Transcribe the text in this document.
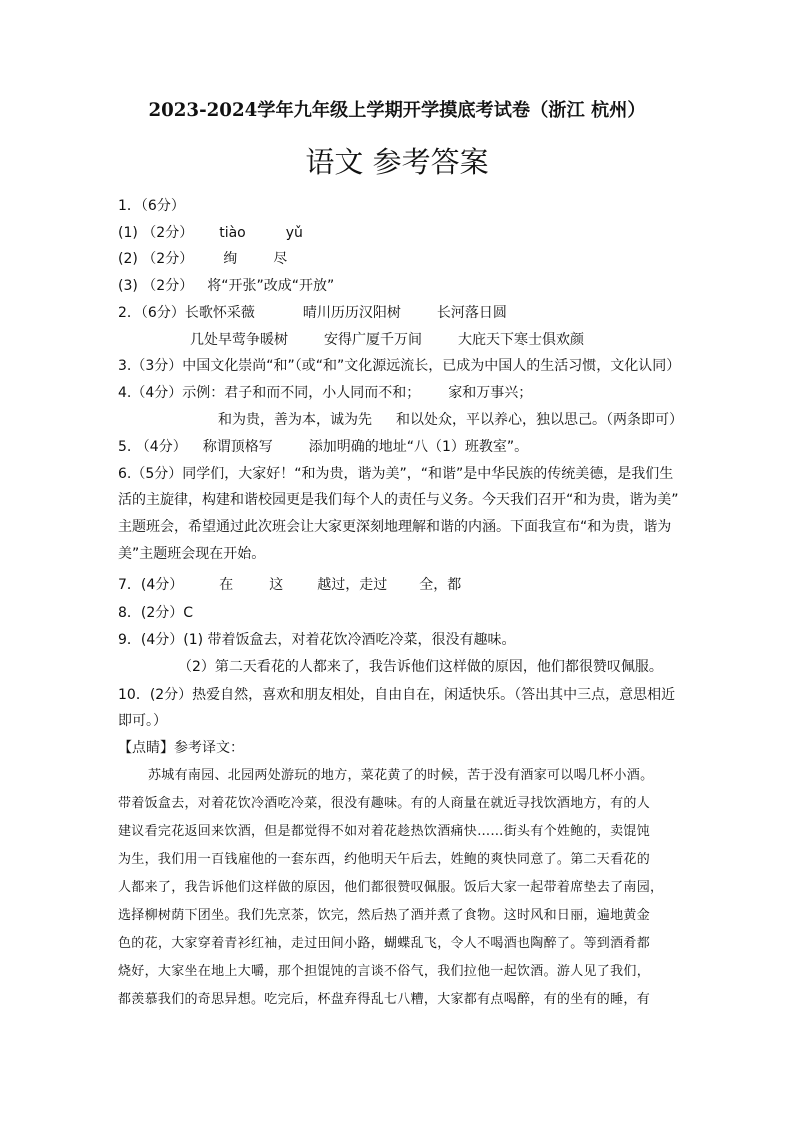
2023-2024学年九年级上学期开学摸底考试卷（浙江 杭州）
语文 参考答案
1．（6分）
(1) （2分） tiào	yǔ
(2) （2分） 绚	尽
(3) （2分） 将“开张”改成“开放”
2．（6分）长歌怀采薇	晴川历历汉阳树	长河落日圆
几处早莺争暖树	安得广厦千万间	大庇天下寒士俱欢颜
3.（3分）中国文化崇尚“和”（或“和”文化源远流长，已成为中国人的生活习惯，文化认同）
4.（4分）示例：君子和而不同，小人同而不和； 家和万事兴；
和为贵，善为本，诚为先 和以处众，平以养心，独以思己。（两条即可）
5. （4分） 称谓顶格写	添加明确的地址“八（1）班教室”。
6.（5分）同学们，大家好！“和为贵，谐为美”，“和谐”是中华民族的传统美德，是我们生
活的主旋律，构建和谐校园更是我们每个人的责任与义务。今天我们召开“和为贵，谐为美”
主题班会，希望通过此次班会让大家更深刻地理解和谐的内涵。下面我宣布“和为贵，谐为
美”主题班会现在开始。
7．(4分）	在	这 越过，走过 全，都
8．(2分）C
9．(4分）(1) 带着饭盒去，对着花饮冷酒吃冷菜，很没有趣味。
（2）第二天看花的人都来了，我告诉他们这样做的原因，他们都很赞叹佩服。
10．(2分）热爱自然，喜欢和朋友相处，自由自在，闲适快乐。（答出其中三点，意思相近
即可。）
【点睛】参考译文：
苏城有南园、北园两处游玩的地方，菜花黄了的时候，苦于没有酒家可以喝几杯小酒。
带着饭盒去，对着花饮冷酒吃冷菜，很没有趣味。有的人商量在就近寻找饮酒地方，有的人
建议看完花返回来饮酒，但是都觉得不如对着花趁热饮酒痛快……街头有个姓鲍的，卖馄饨
为生，我们用一百钱雇他的一套东西，约他明天午后去，姓鲍的爽快同意了。第二天看花的
人都来了，我告诉他们这样做的原因，他们都很赞叹佩服。饭后大家一起带着席垫去了南园，
选择柳树荫下团坐。我们先烹茶，饮完，然后热了酒并煮了食物。这时风和日丽，遍地黄金
色的花，大家穿着青衫红袖，走过田间小路，蝴蝶乱飞，令人不喝酒也陶醉了。等到酒肴都
烧好，大家坐在地上大嚼，那个担馄饨的言谈不俗气，我们拉他一起饮酒。游人见了我们，
都羡慕我们的奇思异想。吃完后，杯盘弃得乱七八糟，大家都有点喝醉，有的坐有的睡，有
